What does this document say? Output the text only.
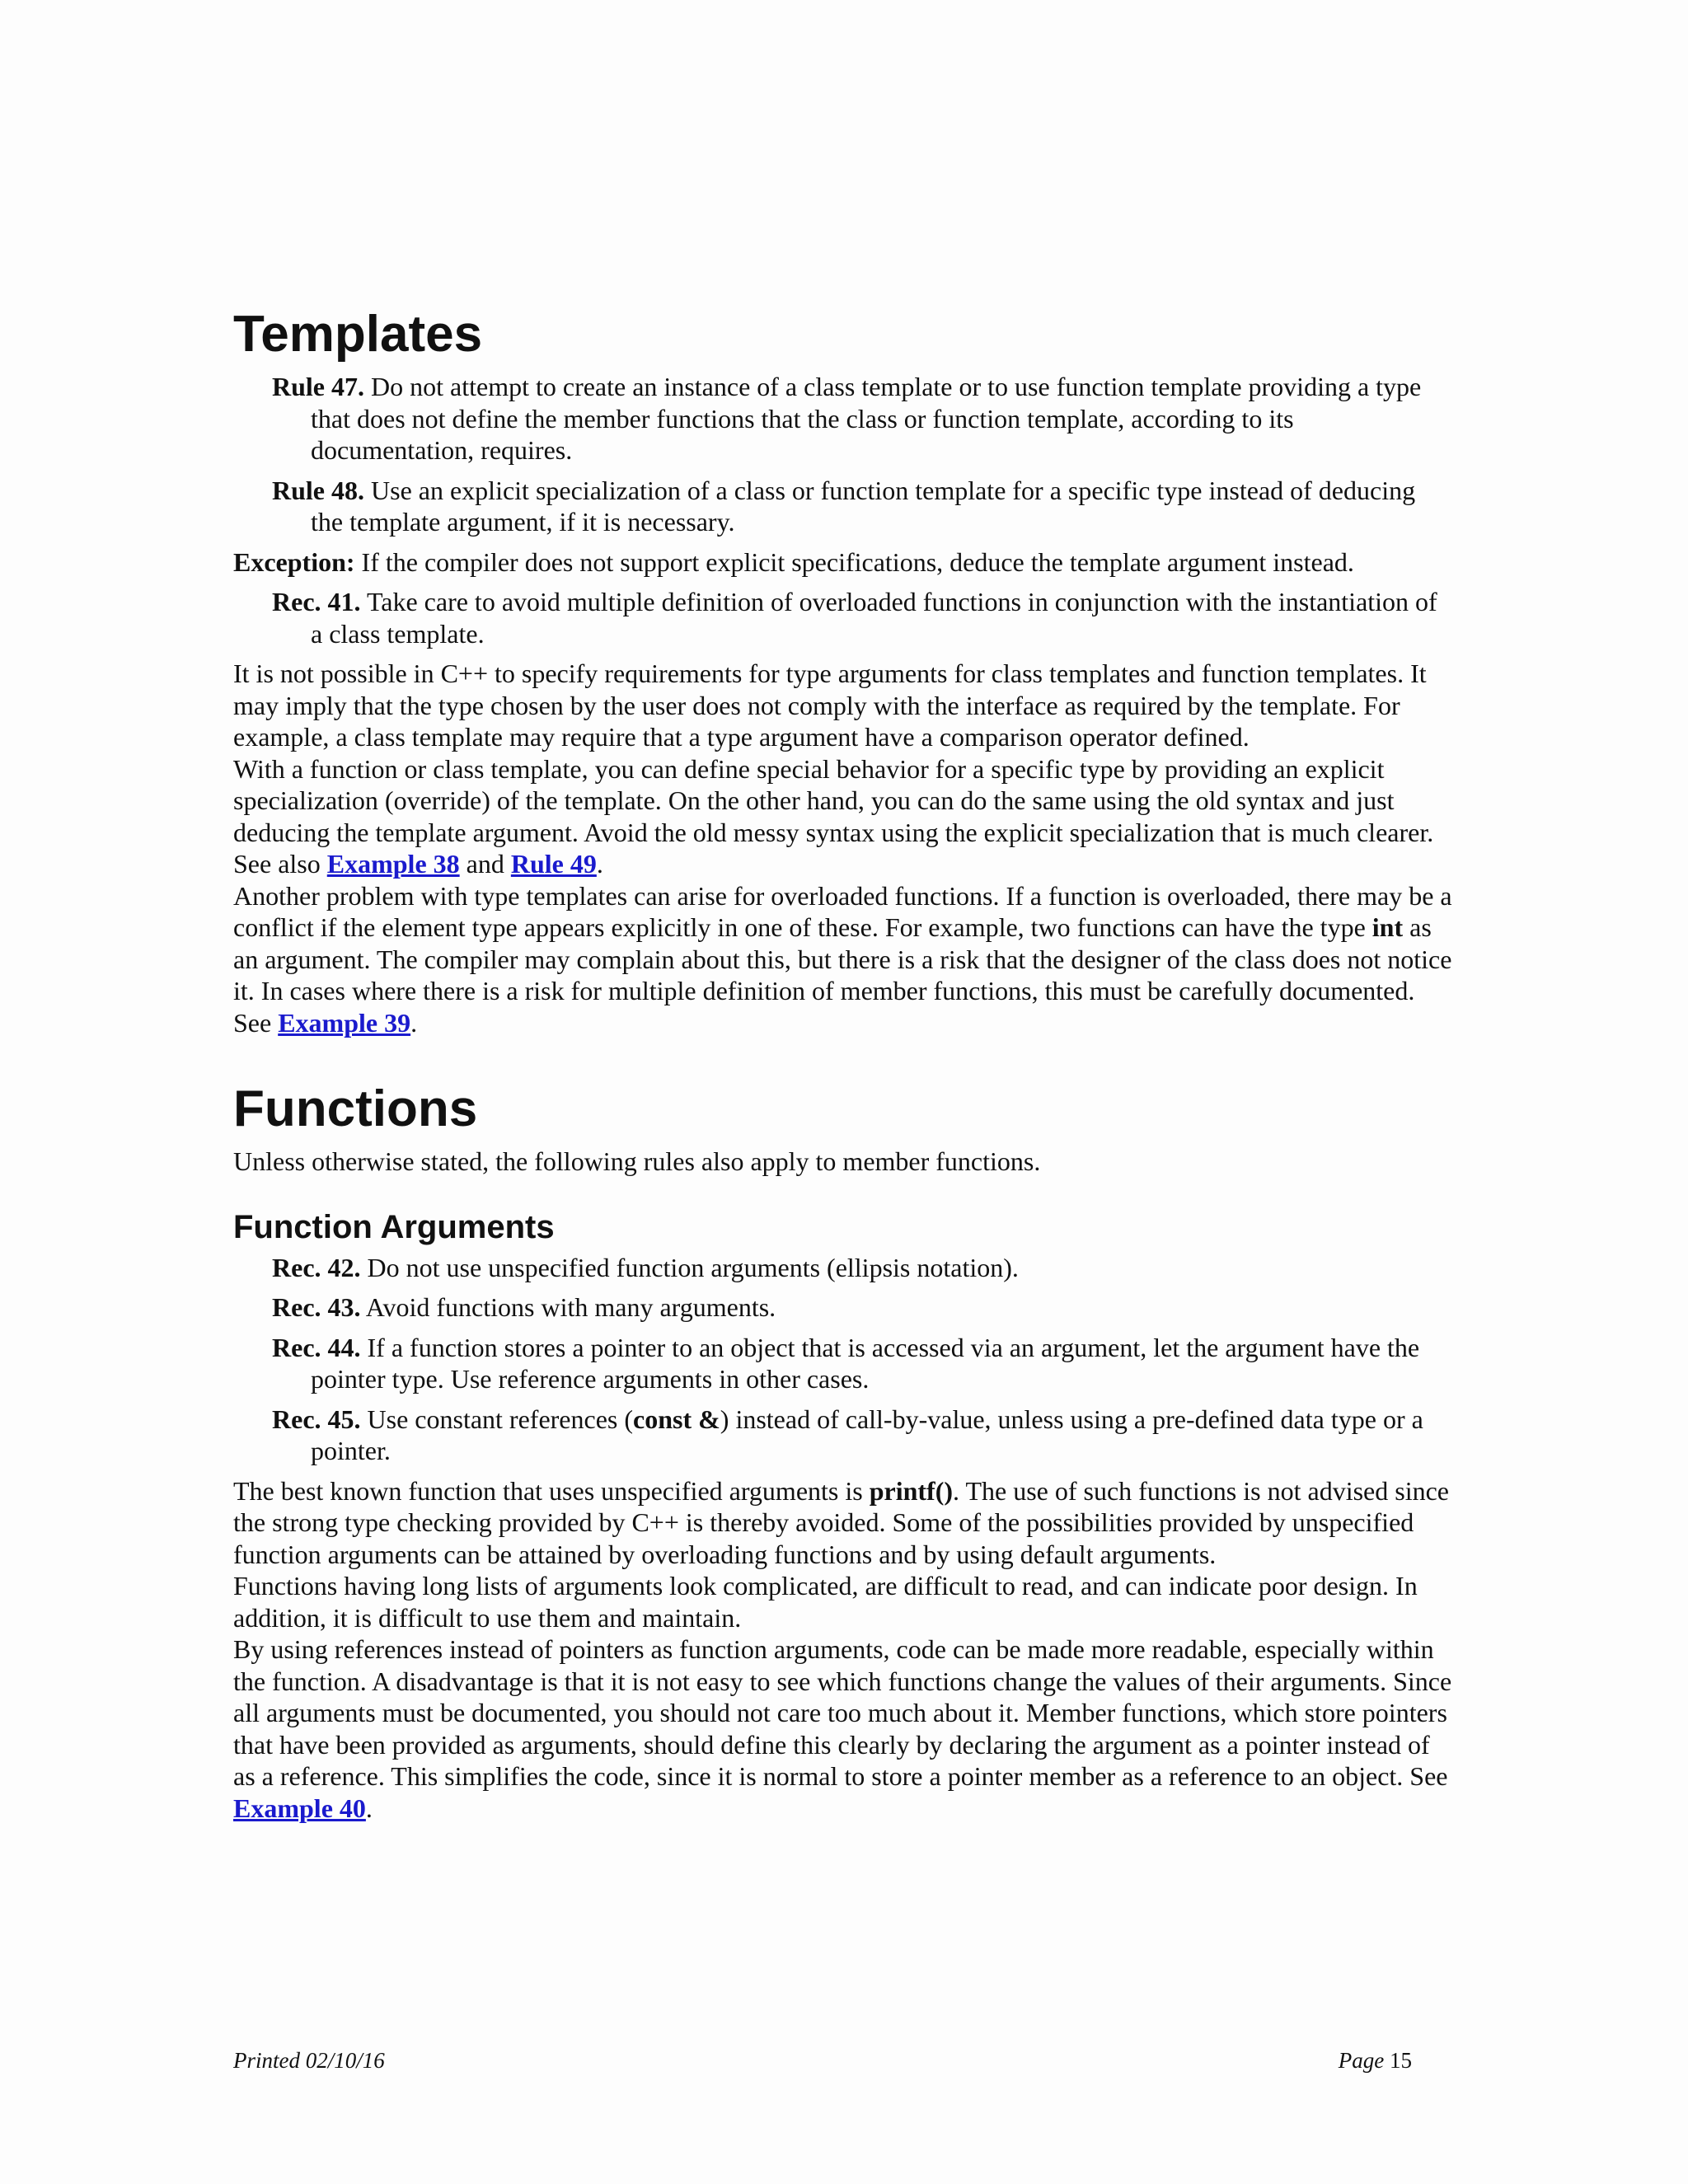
Templates

Rule 47. Do not attempt to create an instance of a class template or to use function template providing a type that does not define the member functions that the class or function template, according to its documentation, requires.

Rule 48. Use an explicit specialization of a class or function template for a specific type instead of deducing the template argument, if it is necessary.

Exception: If the compiler does not support explicit specifications, deduce the template argument instead.

Rec. 41. Take care to avoid multiple definition of overloaded functions in conjunction with the instantiation of a class template.

It is not possible in C++ to specify requirements for type arguments for class templates and function templates. It may imply that the type chosen by the user does not comply with the interface as required by the template. For example, a class template may require that a type argument have a comparison operator defined.

With a function or class template, you can define special behavior for a specific type by providing an explicit specialization (override) of the template. On the other hand, you can do the same using the old syntax and just deducing the template argument. Avoid the old messy syntax using the explicit specialization that is much clearer. See also Example 38 and Rule 49.

Another problem with type templates can arise for overloaded functions. If a function is overloaded, there may be a conflict if the element type appears explicitly in one of these. For example, two functions can have the type int as an argument. The compiler may complain about this, but there is a risk that the designer of the class does not notice it. In cases where there is a risk for multiple definition of member functions, this must be carefully documented. See Example 39.

Functions

Unless otherwise stated, the following rules also apply to member functions.

Function Arguments

Rec. 42. Do not use unspecified function arguments (ellipsis notation).

Rec. 43. Avoid functions with many arguments.

Rec. 44. If a function stores a pointer to an object that is accessed via an argument, let the argument have the pointer type. Use reference arguments in other cases.

Rec. 45. Use constant references (const &) instead of call-by-value, unless using a pre-defined data type or a pointer.

The best known function that uses unspecified arguments is printf(). The use of such functions is not advised since the strong type checking provided by C++ is thereby avoided. Some of the possibilities provided by unspecified function arguments can be attained by overloading functions and by using default arguments.

Functions having long lists of arguments look complicated, are difficult to read, and can indicate poor design. In addition, it is difficult to use them and maintain.

By using references instead of pointers as function arguments, code can be made more readable, especially within the function. A disadvantage is that it is not easy to see which functions change the values of their arguments. Since all arguments must be documented, you should not care too much about it. Member functions, which store pointers that have been provided as arguments, should define this clearly by declaring the argument as a pointer instead of as a reference. This simplifies the code, since it is normal to store a pointer member as a reference to an object. See Example 40.

Printed 02/10/16	Page 15
